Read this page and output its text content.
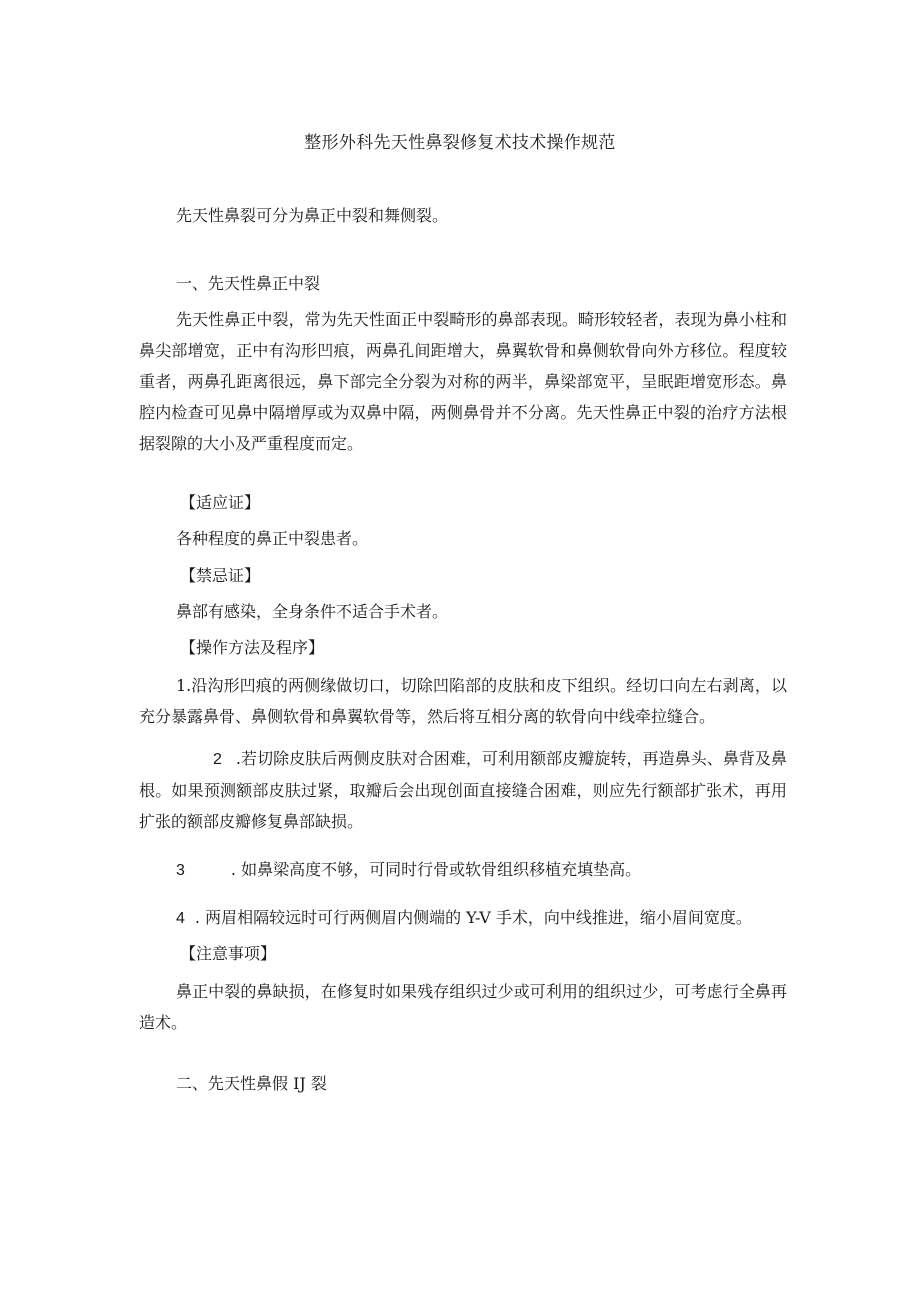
整形外科先天性鼻裂修复术技术操作规范
先天性鼻裂可分为鼻正中裂和舞侧裂。
一、先天性鼻正中裂
先天性鼻正中裂，常为先天性面正中裂畸形的鼻部表现。畸形较轻者，表现为鼻小柱和鼻尖部增宽，正中有沟形凹痕，两鼻孔间距增大，鼻翼软骨和鼻侧软骨向外方移位。程度较重者，两鼻孔距离很远，鼻下部完全分裂为对称的两半，鼻梁部宽平，呈眠距增宽形态。鼻腔内检查可见鼻中隔增厚或为双鼻中隔，两侧鼻骨并不分离。先天性鼻正中裂的治疗方法根据裂隙的大小及严重程度而定。
【适应证】
各种程度的鼻正中裂患者。
【禁忌证】
鼻部有感染，全身条件不适合手术者。
【操作方法及程序】
1.沿沟形凹痕的两侧缘做切口，切除凹陷部的皮肤和皮下组织。经切口向左右剥离，以充分暴露鼻骨、鼻侧软骨和鼻翼软骨等，然后将互相分离的软骨向中线牵拉缝合。
2 .若切除皮肤后两侧皮肤对合困难，可利用额部皮瓣旋转，再造鼻头、鼻背及鼻根。如果预测额部皮肤过紧，取瓣后会出现创面直接缝合困难，则应先行额部扩张术，再用扩张的额部皮瓣修复鼻部缺损。
3	. 如鼻梁高度不够，可同时行骨或软骨组织移植充填垫高。
4 . 两眉相隔较远时可行两侧眉内侧端的 Y-V 手术，向中线推进，缩小眉间宽度。
【注意事项】
鼻正中裂的鼻缺损，在修复时如果残存组织过少或可利用的组织过少，可考虑行全鼻再造术。
二、先天性鼻假 IJ 裂
